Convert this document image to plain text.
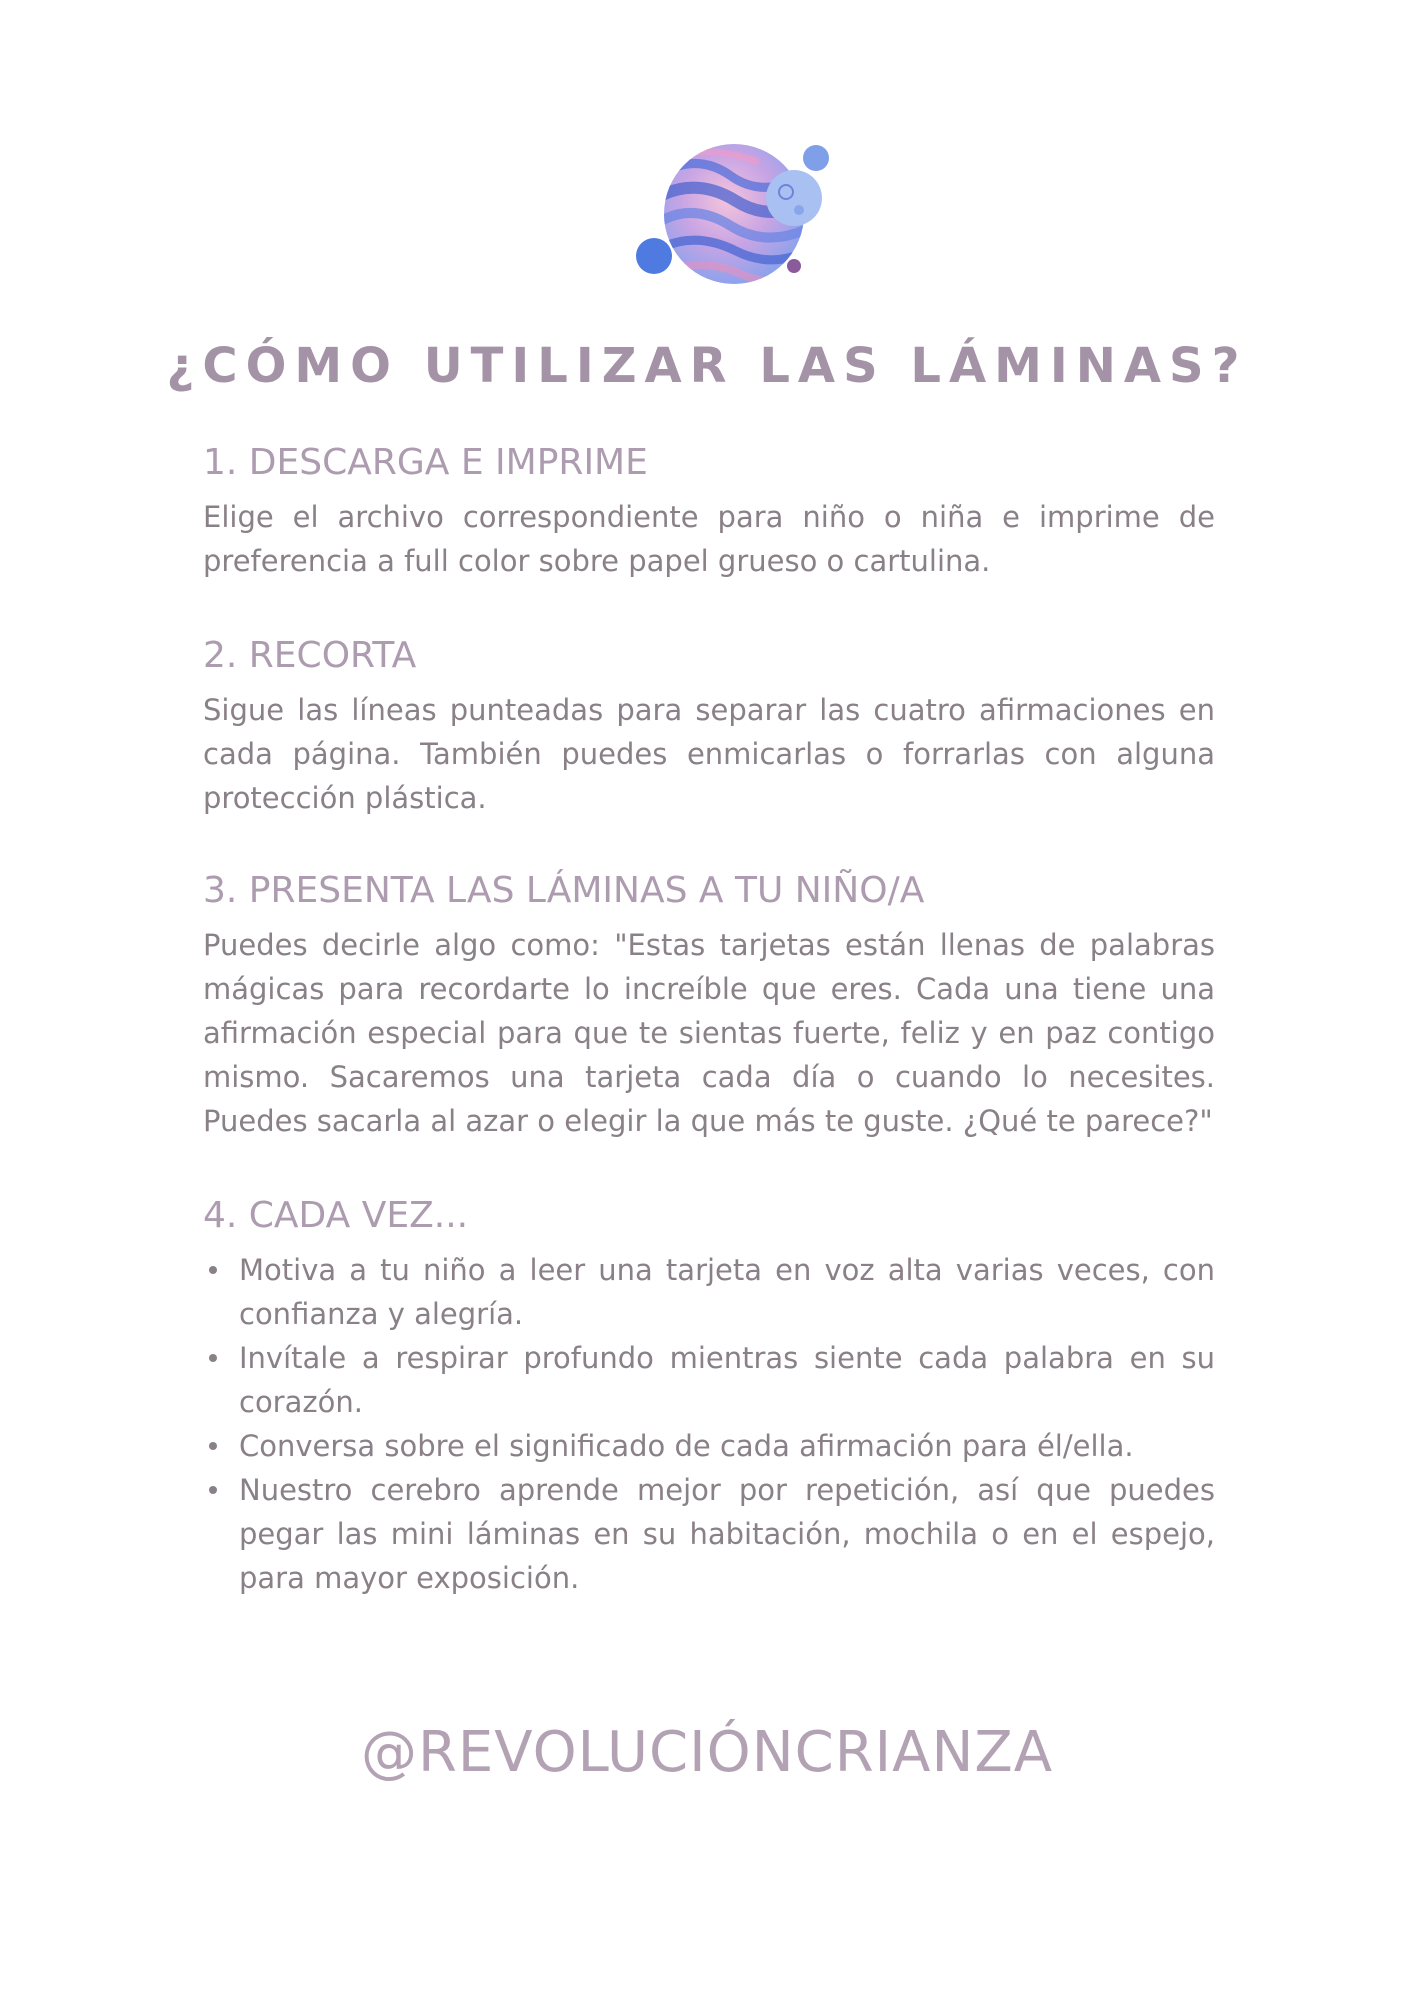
¿CÓMO UTILIZAR LAS LÁMINAS?
1. DESCARGA E IMPRIME

Elige el archivo correspondiente para niño o niña e imprime de preferencia a full color sobre papel grueso o cartulina.

2. RECORTA

Sigue las líneas punteadas para separar las cuatro afirmaciones en cada página. También puedes enmicarlas o forrarlas con alguna protección plástica.

3. PRESENTA LAS LÁMINAS A TU NIÑO/A

Puedes decirle algo como: "Estas tarjetas están llenas de palabras mágicas para recordarte lo increíble que eres. Cada una tiene una afirmación especial para que te sientas fuerte, feliz y en paz contigo mismo. Sacaremos una tarjeta cada día o cuando lo necesites. Puedes sacarla al azar o elegir la que más te guste. ¿Qué te parece?"

4. CADA VEZ...
Motiva a tu niño a leer una tarjeta en voz alta varias veces, con confianza y alegría.
Invítale a respirar profundo mientras siente cada palabra en su corazón.
Conversa sobre el significado de cada afirmación para él/ella.
Nuestro cerebro aprende mejor por repetición, así que puedes pegar las mini láminas en su habitación, mochila o en el espejo, para mayor exposición.
@REVOLUCIÓNCRIANZA
